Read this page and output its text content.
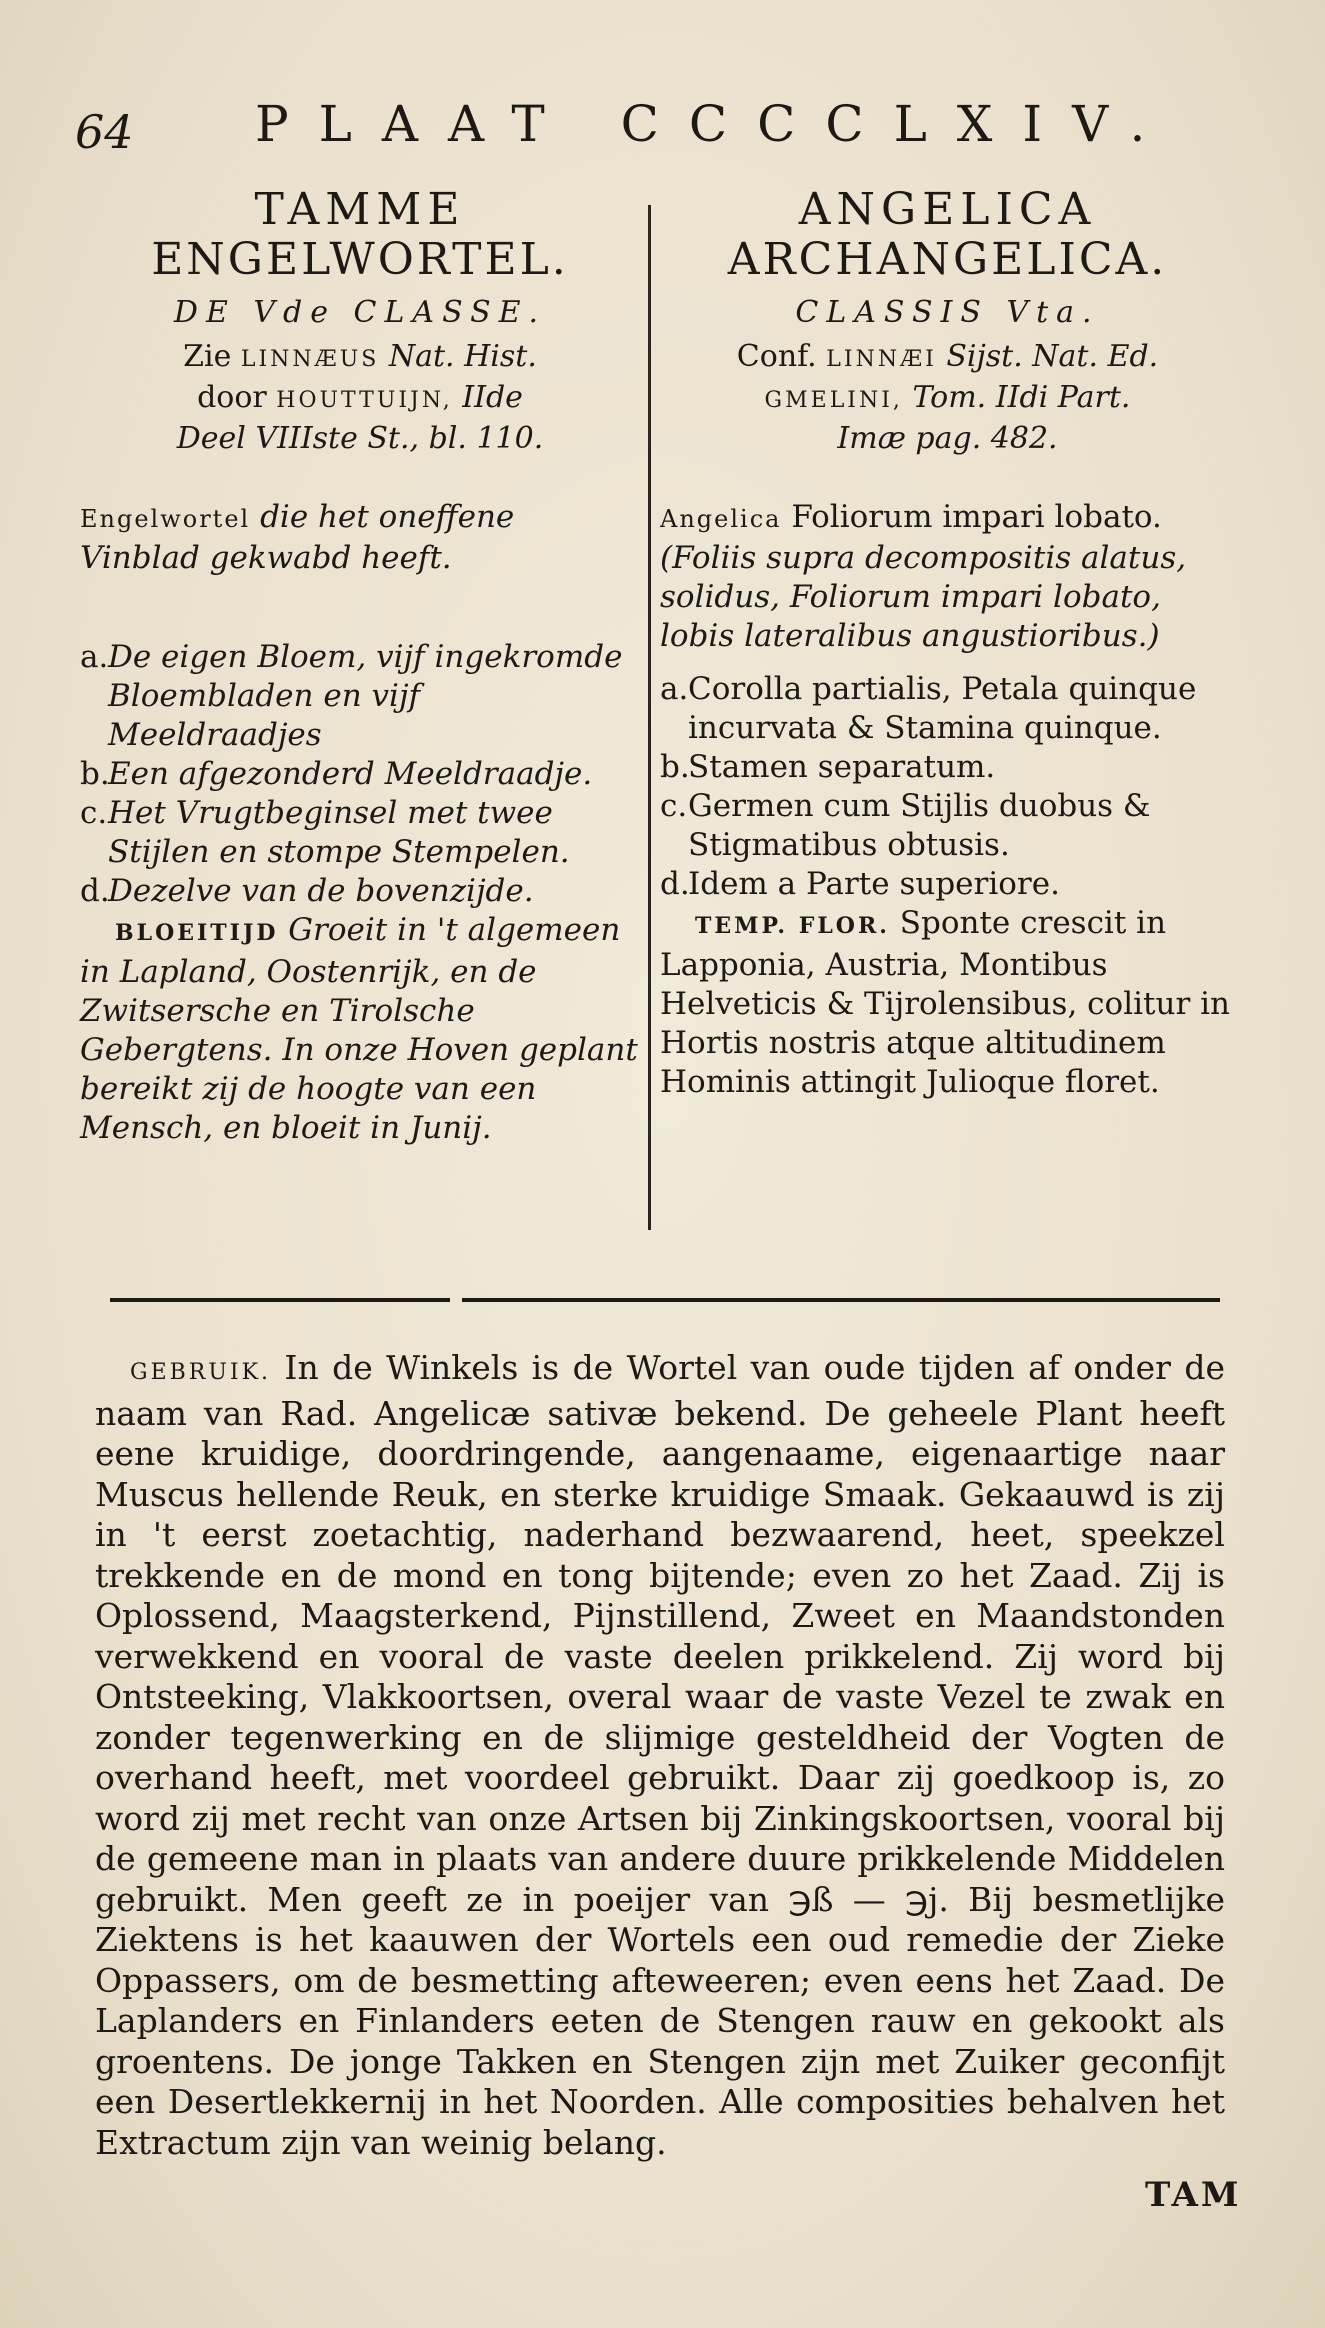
64 PLAAT CCCCLXIV.
TAMME
ENGELWORTEL.
DE Vde CLASSE.
Zie LINNÆUS Nat. Hist.
door HOUTTUIJN, IIde
Deel VIIIste St., bl. 110.
Engelwortel die het oneffene Vinblad gekwabd heeft.
a. De eigen Bloem, vijf ingekromde Bloembladen en vijf Meeldraadjes
b.
Een afgezonderd Meeldraadje.
c. Het Vrugtbeginsel met twee Stijlen en stompe Stempelen.
d.
Dezelve van de bovenzijde.
BLOEITIJD Groeit in 't algemeen in Lapland, Oostenrijk, en de Zwitsersche en Tirolsche Gebergtens. In onze Hoven geplant bereikt zij de hoogte van een Mensch, en bloeit in Junij.
ANGELICA
ARCHANGELICA.
CLASSIS Vta.
Conf. LINNÆI Sijst. Nat. Ed.
GMELINI, Tom. IIdi Part.
Imæ pag. 482.
Angelica Foliorum impari lobato. (Foliis supra decompositis alatus, solidus, Foliorum impari lobato, lobis lateralibus angustioribus.)
a. Corolla partialis, Petala quinque incurvata & Stamina quinque.
b.
Stamen separatum.
c. Germen cum Stijlis duobus & Stigmatibus obtusis.
d.
Idem a Parte superiore.
TEMP. FLOR. Sponte crescit in Lapponia, Austria, Montibus Helveticis & Tijrolensibus, colitur in Hortis nostris atque altitudinem Hominis attingit Julioque floret.
GEBRUIK. In de Winkels is de Wortel van oude tijden af onder de naam van Rad. Angelicæ sativæ bekend. De geheele Plant heeft eene kruidige, doordringende, aangenaame, eigenaartige naar Muscus hellende Reuk, en sterke kruidige Smaak. Gekaauwd is zij in 't eerst zoetachtig, naderhand bezwaarend, heet, speekzel trekkende en de mond en tong bijtende; even zo het Zaad. Zij is Oplossend, Maagsterkend, Pijnstillend, Zweet en Maandstonden verwekkend en vooral de vaste deelen prikkelend. Zij word bij Ontsteeking, Vlakkoortsen, overal waar de vaste Vezel te zwak en zonder tegenwerking en de slijmige gesteldheid der Vogten de overhand heeft, met voordeel gebruikt. Daar zij goedkoop is, zo word zij met recht van onze Artsen bij Zinkingskoortsen, vooral bij de gemeene man in plaats van andere duure prikkelende Middelen gebruikt. Men geeft ze in poeijer van ℈ß — ℈j. Bij besmetlijke Ziektens is het kaauwen der Wortels een oud remedie der Zieke Oppassers, om de besmetting afteweeren; even eens het Zaad. De Laplanders en Finlanders eeten de Stengen rauw en gekookt als groentens. De jonge Takken en Stengen zijn met Zuiker geconfijt een Desertlekkernij in het Noorden. Alle composities behalven het Extractum zijn van weinig belang.
TAM
